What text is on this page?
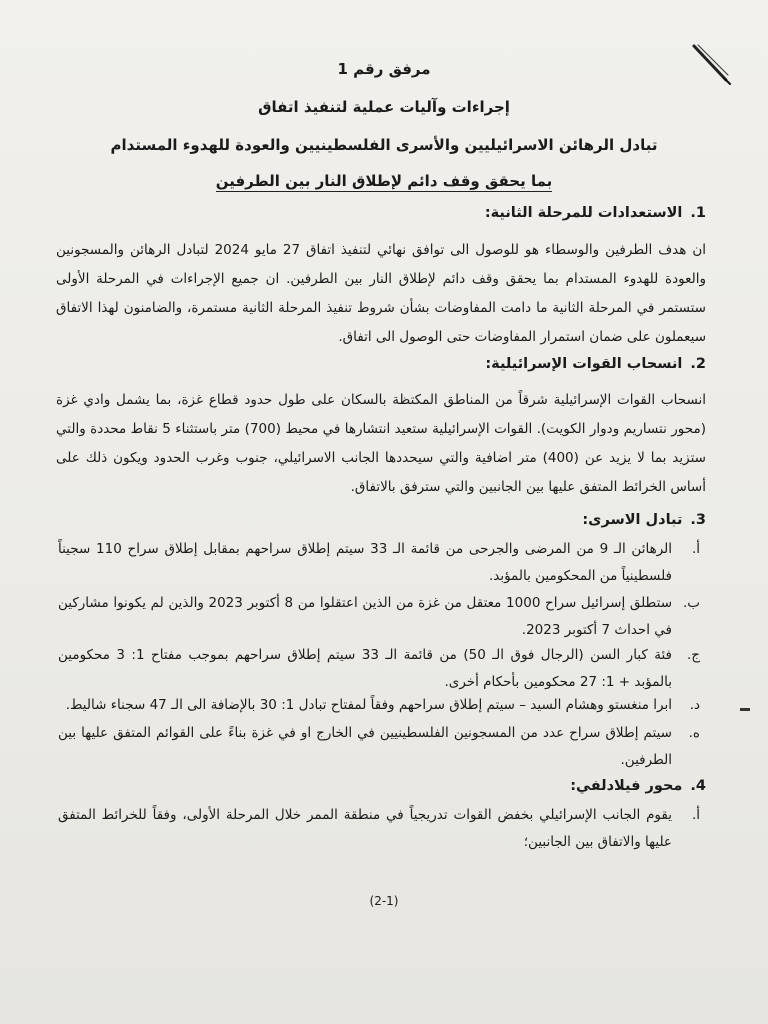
مرفق رقم 1
إجراءات وآليات عملية لتنفيذ اتفاق
تبادل الرهائن الاسرائيليين والأسرى الفلسطينيين والعودة للهدوء المستدام
بما يحقق وقف دائم لإطلاق النار بين الطرفين
1.
الاستعدادات للمرحلة الثانية:
ان هدف الطرفين والوسطاء هو للوصول الى توافق نهائي لتنفيذ اتفاق 27 مايو 2024 لتبادل الرهائن والمسجونين والعودة للهدوء المستدام بما يحقق وقف دائم لإطلاق النار بين الطرفين. ان جميع الإجراءات في المرحلة الأولى ستستمر في المرحلة الثانية ما دامت المفاوضات بشأن شروط تنفيذ المرحلة الثانية مستمرة، والضامنون لهذا الاتفاق سيعملون على ضمان استمرار المفاوضات حتى الوصول الى اتفاق.
2.
انسحاب القوات الإسرائيلية:
انسحاب القوات الإسرائيلية شرقاً من المناطق المكتظة بالسكان على طول حدود قطاع غزة، بما يشمل وادي غزة (محور نتساريم ودوار الكويت). القوات الإسرائيلية ستعيد انتشارها في محيط (700) متر باستثناء 5 نقاط محددة والتي ستزيد بما لا يزيد عن (400) متر اضافية والتي سيحددها الجانب الاسرائيلي، جنوب وغرب الحدود ويكون ذلك على أساس الخرائط المتفق عليها بين الجانبين والتي سترفق بالاتفاق.
3.
تبادل الاسرى:
أ.
الرهائن الـ 9 من المرضى والجرحى من قائمة الـ 33 سيتم إطلاق سراحهم بمقابل إطلاق سراح 110 سجيناً فلسطينياً من المحكومين بالمؤبد.
ب.
ستطلق إسرائيل سراح 1000 معتقل من غزة من الذين اعتقلوا من 8 أكتوبر 2023 والذين لم يكونوا مشاركين في احداث 7 أكتوبر 2023.
ج.
فئة كبار السن (الرجال فوق الـ 50) من قائمة الـ 33 سيتم إطلاق سراحهم بموجب مفتاح 1: 3 محكومين بالمؤبد + 1: 27 محكومين بأحكام أخرى.
د.
ابرا منغستو وهشام السيد – سيتم إطلاق سراحهم وفقاً لمفتاح تبادل 1: 30 بالإضافة الى الـ 47 سجناء شاليط.
ه.
سيتم إطلاق سراح عدد من المسجونين الفلسطينيين في الخارج او في غزة بناءً على القوائم المتفق عليها بين الطرفين.
4.
محور فيلادلفي:
أ.
يقوم الجانب الإسرائيلي بخفض القوات تدريجياً في منطقة الممر خلال المرحلة الأولى، وفقاً للخرائط المتفق عليها والاتفاق بين الجانبين؛
(2-1)
